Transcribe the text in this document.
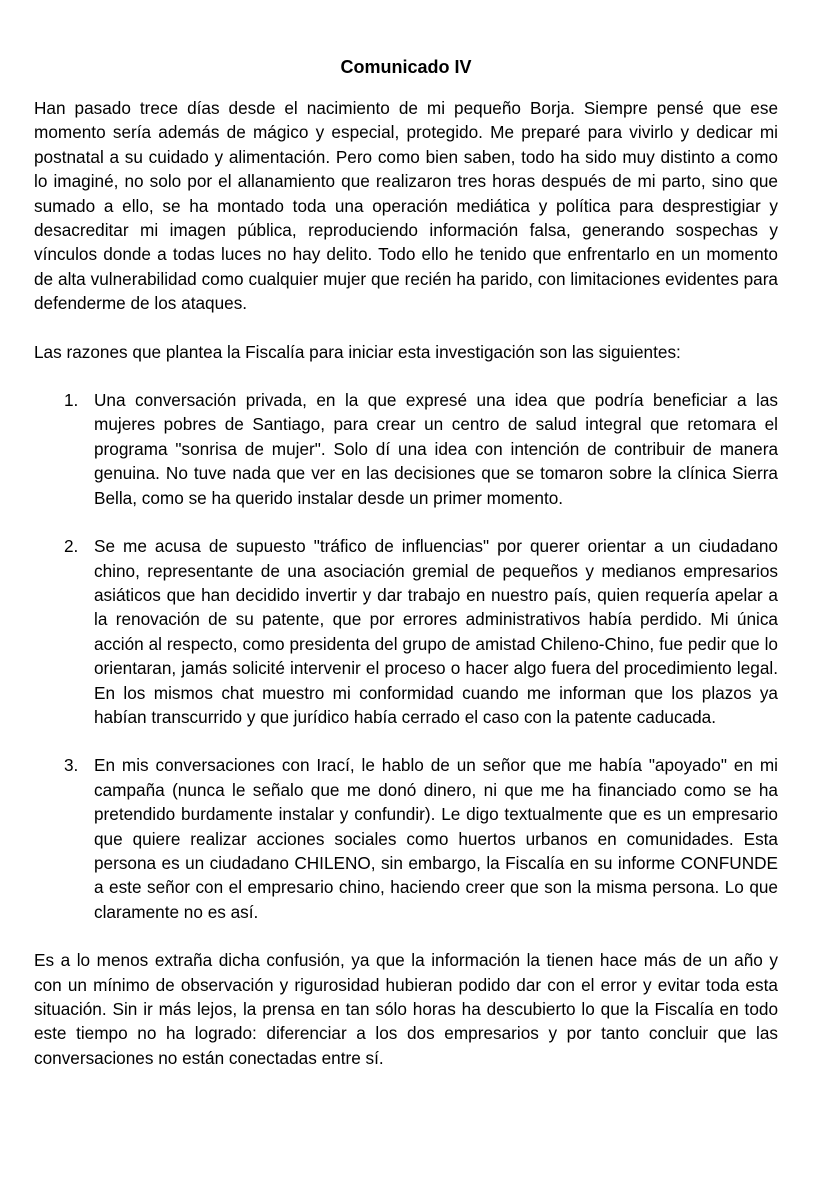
Comunicado IV

Han pasado trece días desde el nacimiento de mi pequeño Borja. Siempre pensé que ese momento sería además de mágico y especial, protegido. Me preparé para vivirlo y dedicar mi postnatal a su cuidado y alimentación. Pero como bien saben, todo ha sido muy distinto a como lo imaginé, no solo por el allanamiento que realizaron tres horas después de mi parto, sino que sumado a ello, se ha montado toda una operación mediática y política para desprestigiar y desacreditar mi imagen pública, reproduciendo información falsa, generando sospechas y vínculos donde a todas luces no hay delito. Todo ello he tenido que enfrentarlo en un momento de alta vulnerabilidad como cualquier mujer que recién ha parido, con limitaciones evidentes para defenderme de los ataques.

Las razones que plantea la Fiscalía para iniciar esta investigación son las siguientes:

1. Una conversación privada, en la que expresé una idea que podría beneficiar a las mujeres pobres de Santiago, para crear un centro de salud integral que retomara el programa "sonrisa de mujer". Solo dí una idea con intención de contribuir de manera genuina. No tuve nada que ver en las decisiones que se tomaron sobre la clínica Sierra Bella, como se ha querido instalar desde un primer momento.
2. Se me acusa de supuesto "tráfico de influencias" por querer orientar a un ciudadano chino, representante de una asociación gremial de pequeños y medianos empresarios asiáticos que han decidido invertir y dar trabajo en nuestro país, quien requería apelar a la renovación de su patente, que por errores administrativos había perdido. Mi única acción al respecto, como presidenta del grupo de amistad Chileno-Chino, fue pedir que lo orientaran, jamás solicité intervenir el proceso o hacer algo fuera del procedimiento legal. En los mismos chat muestro mi conformidad cuando me informan que los plazos ya habían transcurrido y que jurídico había cerrado el caso con la patente caducada.
3. En mis conversaciones con Irací, le hablo de un señor que me había "apoyado" en mi campaña (nunca le señalo que me donó dinero, ni que me ha financiado como se ha pretendido burdamente instalar y confundir). Le digo textualmente que es un empresario que quiere realizar acciones sociales como huertos urbanos en comunidades. Esta persona es un ciudadano CHILENO, sin embargo, la Fiscalía en su informe CONFUNDE a este señor con el empresario chino, haciendo creer que son la misma persona. Lo que claramente no es así.

Es a lo menos extraña dicha confusión, ya que la información la tienen hace más de un año y con un mínimo de observación y rigurosidad hubieran podido dar con el error y evitar toda esta situación. Sin ir más lejos, la prensa en tan sólo horas ha descubierto lo que la Fiscalía en todo este tiempo no ha logrado: diferenciar a los dos empresarios y por tanto concluir que las conversaciones no están conectadas entre sí.
